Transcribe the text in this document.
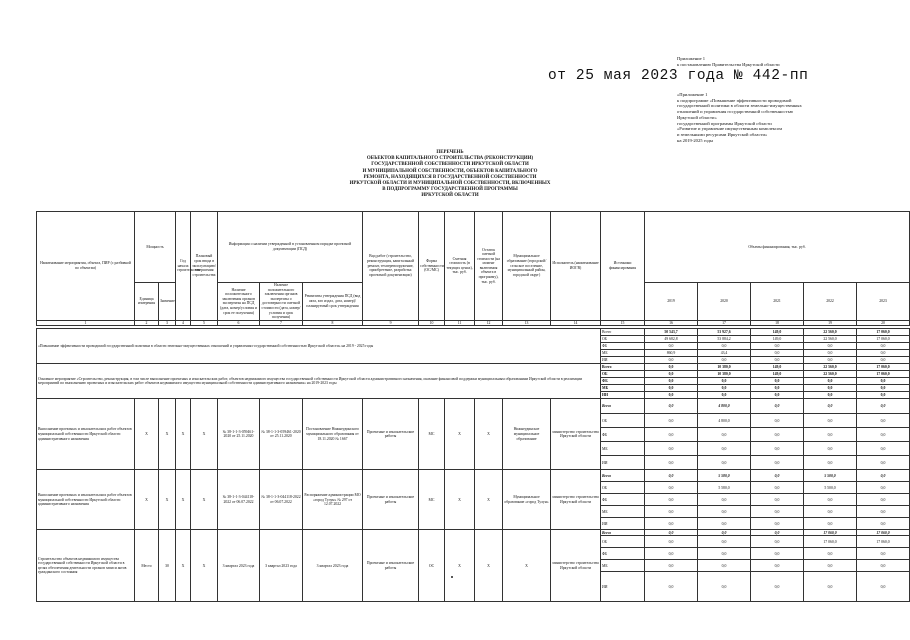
Приложение 1
к постановлению Правительства Иркутской области
от 25 мая 2023 года № 442-пп
«Приложение 1
к подпрограмме «Повышение эффективности проводимой
государственной политики в области земельно-имущественных
отношений и управления государственной собственностью
Иркутской области»
государственной программы Иркутской области
«Развитие и управление имущественным комплексом
и земельными ресурсами Иркутской области»
на 2019-2025 годы
ПЕРЕЧЕНЬ
ОБЪЕКТОВ КАПИТАЛЬНОГО СТРОИТЕЛЬСТВА (РЕКОНСТРУКЦИИ)
ГОСУДАРСТВЕННОЙ СОБСТВЕННОСТИ ИРКУТСКОЙ ОБЛАСТИ
И МУНИЦИПАЛЬНОЙ СОБСТВЕННОСТИ, ОБЪЕКТОВ КАПИТАЛЬНОГО
РЕМОНТА, НАХОДЯЩИХСЯ В ГОСУДАРСТВЕННОЙ СОБСТВЕННОСТИ
ИРКУТСКОЙ ОБЛАСТИ И МУНИЦИПАЛЬНОЙ СОБСТВЕННОСТИ, ВКЛЮЧЕННЫХ
В ПОДПРОГРАММУ ГОСУДАРСТВЕННОЙ ПРОГРАММЫ
ИРКУТСКОЙ ОБЛАСТИ
Наименование мероприятия, объекта, ПИР (с разбивкой по объектам)	Мощность		Год начала строительства	Плановый срок ввода в эксплуатацию/завершения строительства	Информация о наличии утвержденной в установленном порядке проектной документации (ПСД)			Вид работ (строительство, реконструкция, капитальный ремонт, техперевооружение, приобретение, разработка проектной документации)	Форма собственности (ОС/МС)	Сметная стоимость (в текущих ценах), тыс. руб.	Остаток сметной стоимости (на момент включения объекта в программу), тыс. руб.	Муниципальное образование (городской/сельское поселение, муниципальный район, городской округ)	Исполнитель (наименование ИОГВ)	Источники финансирования	Объемы финансирования, тыс. руб.				
	Единица измерения	Значение			Наличие положительного заключения органов экспертизы на ПСД (дата, номер/условия и срок ее получения)	Наличие положительного заключения органов экспертизы о достоверности сметной стоимости (дата, номер/условия и срок получения)	Реквизиты утверждения ПСД (вид акта, кто издал, дата, номер)/планируемый срок утверждения								2019	2020	2021	2022	2023

1	2	3	4	5	6	7	8	9	10	11	12	13	14	15	16	17	18	19	20

«Повышение эффективности проводимой государственной политики в области земельно-имущественных отношений и управления государственной собственностью Иркутской области» на 2019 - 2025 годы														Всего	50 543,7	53 927,6	149,0	22 560,0	17 060,0
														ОБ	49 682,8	53 884,2	149,0	22 560,0	17 060,0
														ФБ	0,0	0,0	0,0	0,0	0,0
														МБ	860,9	43,4	0,0	0,0	0,0
														ИИ	0,0	0,0	0,0	0,0	0,0
Основное мероприятие «Строительство, реконструкция, в том числе выполнение проектных и изыскательских работ, объектов недвижимого имущества государственной собственности Иркутской области административного назначения, оказание финансовой поддержки муниципальным образованиям Иркутской области в реализации мероприятий по выполнению проектных и изыскательских работ объектов недвижимого имущества муниципальной собственности административного назначения» на 2019-2023 годы														Всего	0,0	10 380,0	149,0	22 560,0	17 060,0
														ОБ	0,0	10 380,0	149,0	22 560,0	17 060,0
														ФБ	0,0	0,0	0,0	0,0	0,0
														МБ	0,0	0,0	0,0	0,0	0,0
														ИИ	0,0	0,0	0,0	0,0	0,0
Выполнение проектных и изыскательских работ объектов муниципальной собственности Иркутской области административного назначения	X	X	X	X	№ 38-1-1-3-059461-2020 от 25.11.2020	№ 38-1-1-3-059461-2020 от 25.11.2020	Постановление Нижнеудинского муниципального образования от 18.11.2020 № 1667	Проектные и изыскательские работы	МС	X	X	Нижнеудинское муниципальное образование	министерство строительства Иркутской области	Всего	0,0	4 800,0	0,0	0,0	0,0
														ОБ	0,0	4 800,0	0,0	0,0	0,0
														ФБ	0,0	0,0	0,0	0,0	0,0
														МБ	0,0	0,0	0,0	0,0	0,0
														ИИ	0,0	0,0	0,0	0,0	0,0
Выполнение проектных и изыскательских работ объектов муниципальной собственности Иркутской области административного назначения	X	X	X	X	№ 38-1-1-3-044118-2022 от 06.07.2022	№ 38-1-1-3-044118-2022 от 06.07.2022	Распоряжение администрации МО «город Тулун» № 297 от 12.07.2022	Проектные и изыскательские работы	МС	X	X	Муниципальное образование «город Тулун»	министерство строительства Иркутской области	Всего	0,0	5 580,0	0,0	5 500,0	0,0
														ОБ	0,0	5 580,0	0,0	5 500,0	0,0
														ФБ	0,0	0,0	0,0	0,0	0,0
														МБ	0,0	0,0	0,0	0,0	0,0
														ИИ	0,0	0,0	0,0	0,0	0,0
Строительство объектов недвижимого имущества государственной собственности Иркутской области в целях обеспечения деятельности органов записи актов гражданского состояния	Место	30	X	X	3 квартал 2023 года	3 квартал 2023 года	3 квартал 2023 года	Проектные и изыскательские работы	ОС	X	X	X	министерство строительства Иркутской области	Всего	0,0	0,0	0,0	17 060,0	17 060,0
														ОБ	0,0	0,0	0,0	17 060,0	17 060,0
														ФБ	0,0	0,0	0,0	0,0	0,0
														МБ	0,0	0,0	0,0	0,0	0,0
														ИИ	0,0	0,0	0,0	0,0	0,0
